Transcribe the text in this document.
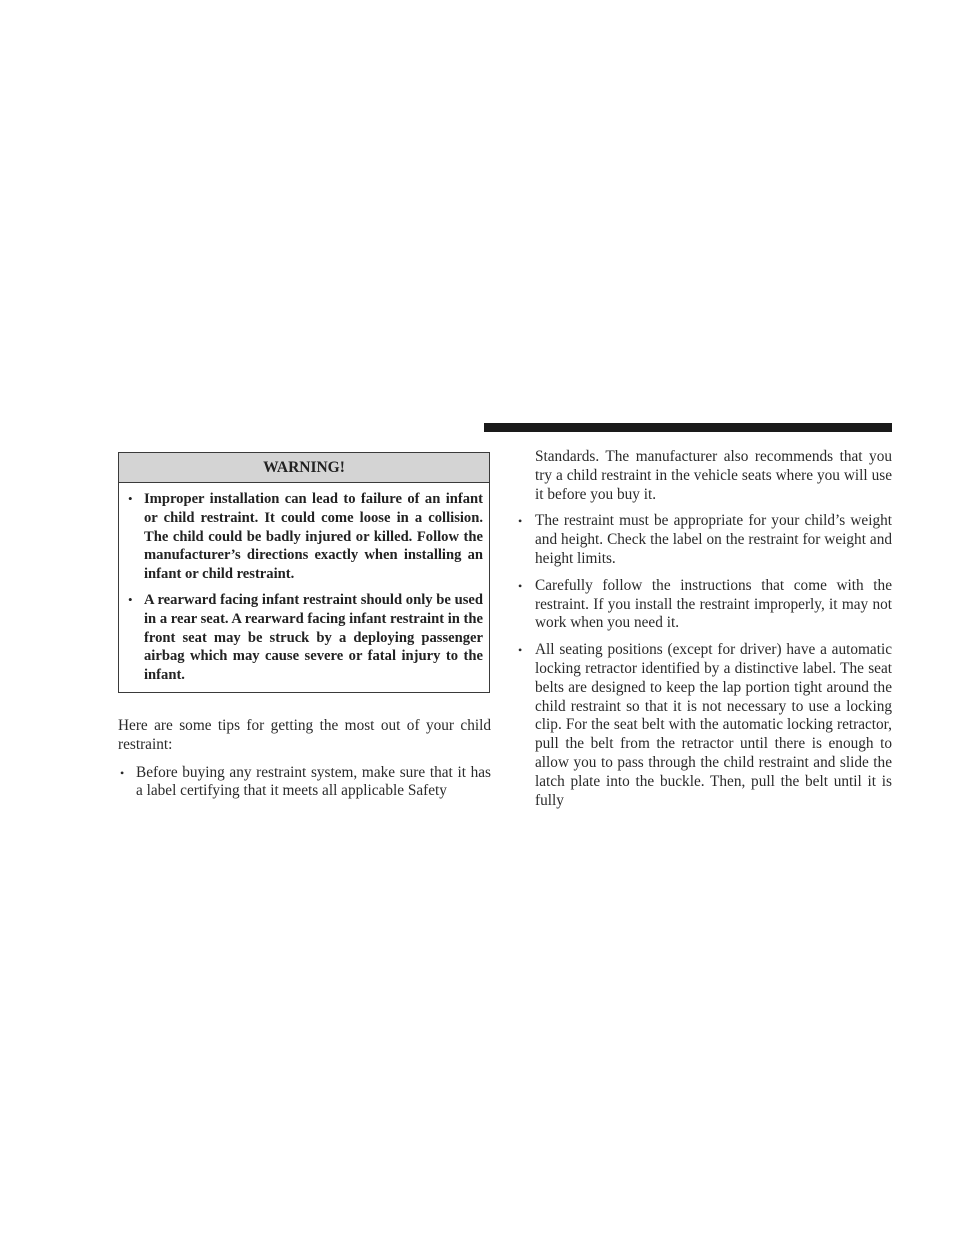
WARNING!
• Improper installation can lead to failure of an infant or child restraint. It could come loose in a collision. The child could be badly injured or killed. Follow the manufacturer’s directions exactly when installing an infant or child restraint.
• A rearward facing infant restraint should only be used in a rear seat. A rearward facing infant restraint in the front seat may be struck by a deploying passenger airbag which may cause severe or fatal injury to the infant.

Here are some tips for getting the most out of your child restraint:

• Before buying any restraint system, make sure that it has a label certifying that it meets all applicable Safety

Standards. The manufacturer also recommends that you try a child restraint in the vehicle seats where you will use it before you buy it.

• The restraint must be appropriate for your child’s weight and height. Check the label on the restraint for weight and height limits.
• Carefully follow the instructions that come with the restraint. If you install the restraint improperly, it may not work when you need it.
• All seating positions (except for driver) have a automatic locking retractor identified by a distinctive label. The seat belts are designed to keep the lap portion tight around the child restraint so that it is not necessary to use a locking clip. For the seat belt with the automatic locking retractor, pull the belt from the retractor until there is enough to allow you to pass through the child restraint and slide the latch plate into the buckle. Then, pull the belt until it is fully
